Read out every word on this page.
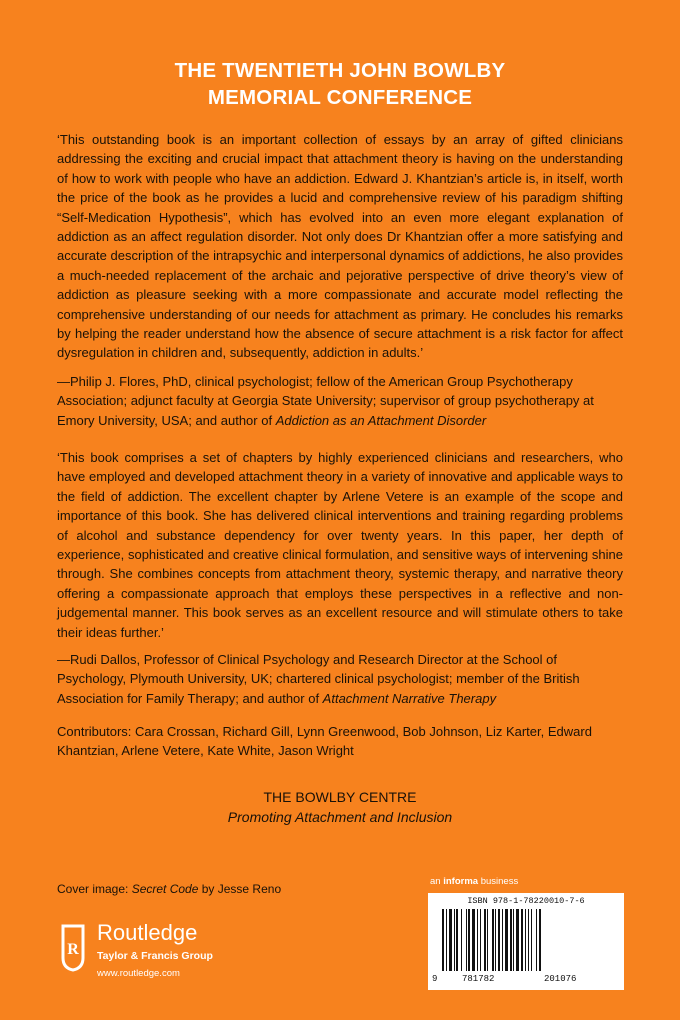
THE TWENTIETH JOHN BOWLBY
MEMORIAL CONFERENCE

‘This outstanding book is an important collection of essays by an array of gifted clinicians addressing the exciting and crucial impact that attachment theory is having on the understanding of how to work with people who have an addiction. Edward J. Khantzian’s article is, in itself, worth the price of the book as he provides a lucid and comprehensive review of his paradigm shifting “Self-Medication Hypothesis”, which has evolved into an even more elegant explanation of addiction as an affect regulation disorder. Not only does Dr Khantzian offer a more satisfying and accurate description of the intrapsychic and interpersonal dynamics of addictions, he also provides a much-needed replacement of the archaic and pejorative perspective of drive theory’s view of addiction as pleasure seeking with a more compassionate and accurate model reflecting the comprehensive understanding of our needs for attachment as primary. He concludes his remarks by helping the reader understand how the absence of secure attachment is a risk factor for affect dysregulation in children and, subsequently, addiction in adults.’

—Philip J. Flores, PhD, clinical psychologist; fellow of the American Group Psychotherapy Association; adjunct faculty at Georgia State University; supervisor of group psychotherapy at Emory University, USA; and author of Addiction as an Attachment Disorder

‘This book comprises a set of chapters by highly experienced clinicians and researchers, who have employed and developed attachment theory in a variety of innovative and applicable ways to the field of addiction. The excellent chapter by Arlene Vetere is an example of the scope and importance of this book. She has delivered clinical interventions and training regarding problems of alcohol and substance dependency for over twenty years. In this paper, her depth of experience, sophisticated and creative clinical formulation, and sensitive ways of intervening shine through. She combines concepts from attachment theory, systemic therapy, and narrative theory offering a compassionate approach that employs these perspectives in a reflective and non-judgemental manner. This book serves as an excellent resource and will stimulate others to take their ideas further.’

—Rudi Dallos, Professor of Clinical Psychology and Research Director at the School of Psychology, Plymouth University, UK; chartered clinical psychologist; member of the British Association for Family Therapy; and author of Attachment Narrative Therapy

Contributors: Cara Crossan, Richard Gill, Lynn Greenwood, Bob Johnson, Liz Karter, Edward Khantzian, Arlene Vetere, Kate White, Jason Wright

THE BOWLBY CENTRE
Promoting Attachment and Inclusion
Cover image: Secret Code by Jesse Reno
an informa business
ISBN 978-1-78220010-7-6
9	781782	201076
R
Routledge
Taylor & Francis Group
www.routledge.com
